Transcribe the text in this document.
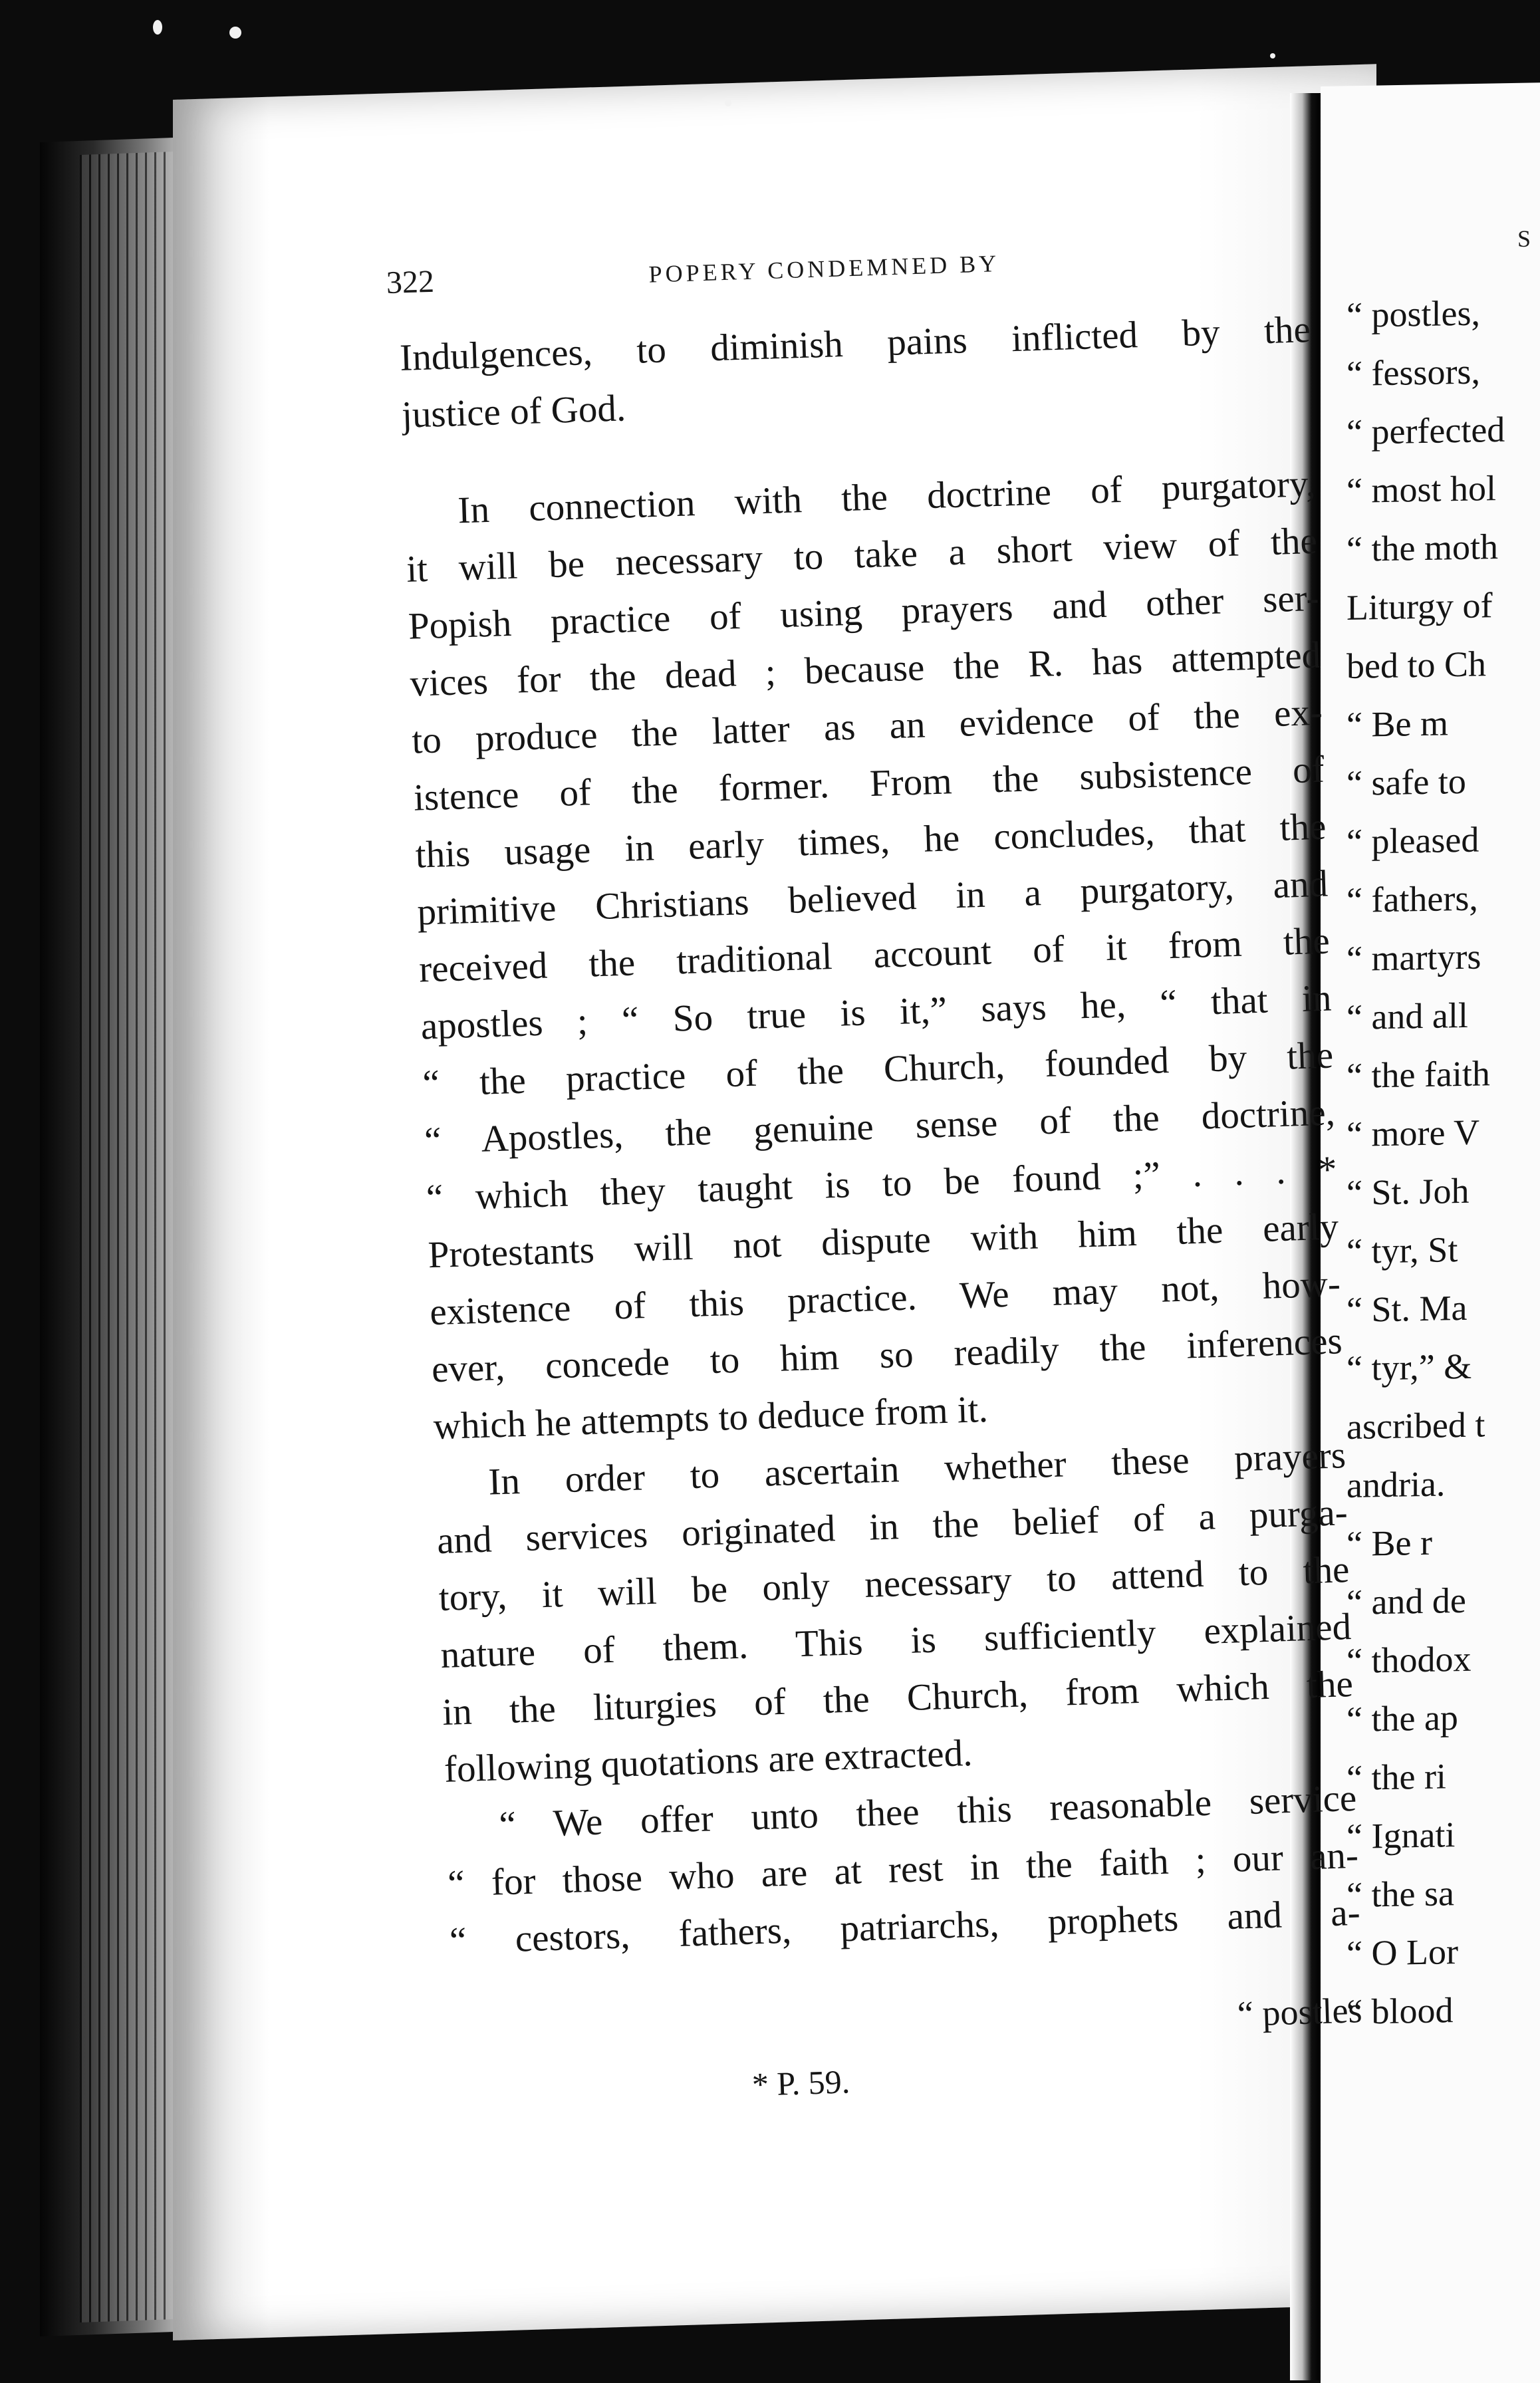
322	POPERY CONDEMNED BY
Indulgences, to diminish pains inflicted by the
justice of God.
In connection with the doctrine of purgatory,
it will be necessary to take a short view of the
Popish practice of using prayers and other ser-
vices for the dead ; because the R. has attempted
to produce the latter as an evidence of the ex-
istence of the former. From the subsistence of
this usage in early times, he concludes, that the
primitive Christians believed in a purgatory, and
received the traditional account of it from the
apostles ; “ So true is it,” says he, “ that in
“ the practice of the Church, founded by the
“ Apostles, the genuine sense of the doctrine,
“ which they taught is to be found ;” . . . *
Protestants will not dispute with him the early
existence of this practice. We may not, how-
ever, concede to him so readily the inferences
which he attempts to deduce from it.
In order to ascertain whether these prayers
and services originated in the belief of a purga-
tory, it will be only necessary to attend to the
nature of them. This is sufficiently explained
in the liturgies of the Church, from which the
following quotations are extracted.
“ We offer unto thee this reasonable service
“ for those who are at rest in the faith ; our an-
“ cestors, fathers, patriarchs, prophets and a-
“ postles
* P. 59.
S
“ postles,
“ fessors,
“ perfected
“ most hol
“ the moth
Liturgy of
bed to Ch
“ Be m
“ safe to
“ pleased
“ fathers,
“ martyrs
“ and all
“ the faith
“ more V
“ St. Joh
“ tyr, St
“ St. Ma
“ tyr,” &
ascribed t
andria.
“ Be r
“ and de
“ thodox
“ the ap
“ the ri
“ Ignati
“ the sa
“ O Lor
“ blood
